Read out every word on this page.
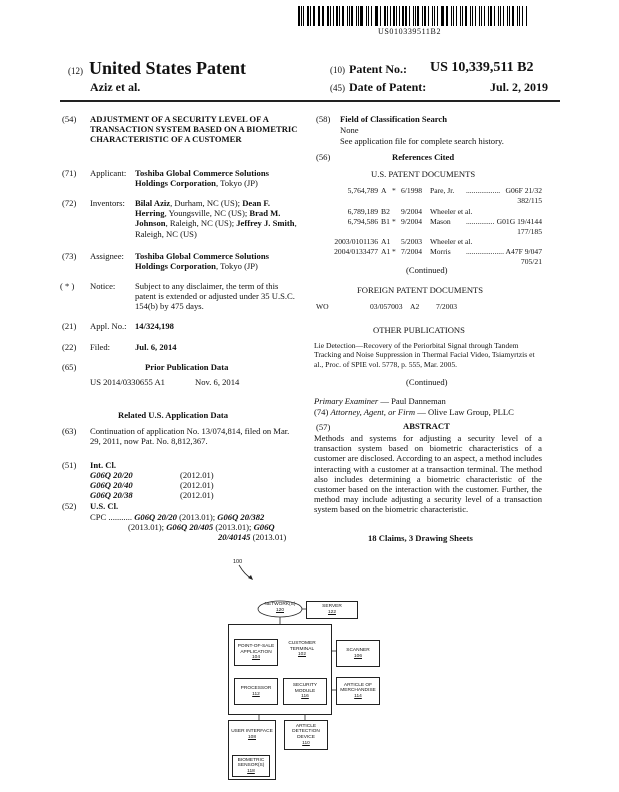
US010339511B2
(12) United States Patent
Aziz et al.
(10) Patent No.: US 10,339,511 B2
(45) Date of Patent:	Jul. 2, 2019
(54) ADJUSTMENT OF A SECURITY LEVEL OF A TRANSACTION SYSTEM BASED ON A BIOMETRIC CHARACTERISTIC OF A CUSTOMER
(71) Applicant: Toshiba Global Commerce Solutions Holdings Corporation, Tokyo (JP)
(72) Inventors: Bilal Aziz, Durham, NC (US); Dean F. Herring, Youngsville, NC (US); Brad M. Johnson, Raleigh, NC (US); Jeffrey J. Smith, Raleigh, NC (US)
(73) Assignee: Toshiba Global Commerce Solutions Holdings Corporation, Tokyo (JP)
( * ) Notice: Subject to any disclaimer, the term of this patent is extended or adjusted under 35 U.S.C. 154(b) by 475 days.
(21) Appl. No.: 14/324,198
(22) Filed:	Jul. 6, 2014
(65)	Prior Publication Data
US 2014/0330655 A1	Nov. 6, 2014
Related U.S. Application Data
(63) Continuation of application No. 13/074,814, filed on Mar. 29, 2011, now Pat. No. 8,812,367.
(51) Int. Cl.
G06Q 20/20	(2012.01)
G06Q 20/40	(2012.01)
G06Q 20/38	(2012.01)
(52) U.S. Cl.
CPC ........... G06Q 20/20 (2013.01); G06Q 20/382
(2013.01); G06Q 20/405 (2013.01); G06Q
20/40145 (2013.01)
(58) Field of Classification Search
None
See application file for complete search history.
(56)	References Cited
U.S. PATENT DOCUMENTS
5,764,789 A * 6/1998 Pare, Jr. .................. G06F 21/32
382/115
6,789,189 B2 9/2004 Wheeler et al.
6,794,586 B1 * 9/2004 Mason ............... G01G 19/4144
177/185
2003/0101136 A1 5/2003 Wheeler et al.
2004/0133477 A1 * 7/2004 Morris .................... A47F 9/047
705/21
(Continued)
FOREIGN PATENT DOCUMENTS
WO	03/057003 A2 7/2003
OTHER PUBLICATIONS
Lie Detection—Recovery of the Periorbital Signal through Tandem Tracking and Noise Suppression in Thermal Facial Video, Tsiamyrtzis et al., Proc. of SPIE vol. 5778, p. 555, Mar. 2005.
(Continued)
Primary Examiner — Paul Danneman
(74) Attorney, Agent, or Firm — Olive Law Group, PLLC
(57)	ABSTRACT
Methods and systems for adjusting a security level of a transaction system based on biometric characteristics of a customer are disclosed. According to an aspect, a method includes interacting with a customer at a transaction terminal. The method also includes determining a biometric characteristic of the customer based on the interaction with the customer. Further, the method may include adjusting a security level of a transaction system based on the biometric characteristic.
18 Claims, 3 Drawing Sheets
100
NETWORK(S)
120
SERVER
122
CUSTOMER TERMINAL
102
POINT-OF-SALE APPLICATION
104
SCANNER
106
PROCESSOR
112
SECURITY MODULE
116
ARTICLE OF MERCHANDISE
114
USER INTERFACE
108
BIOMETRIC SENSOR(S)
118
ARTICLE DETECTION DEVICE
110
